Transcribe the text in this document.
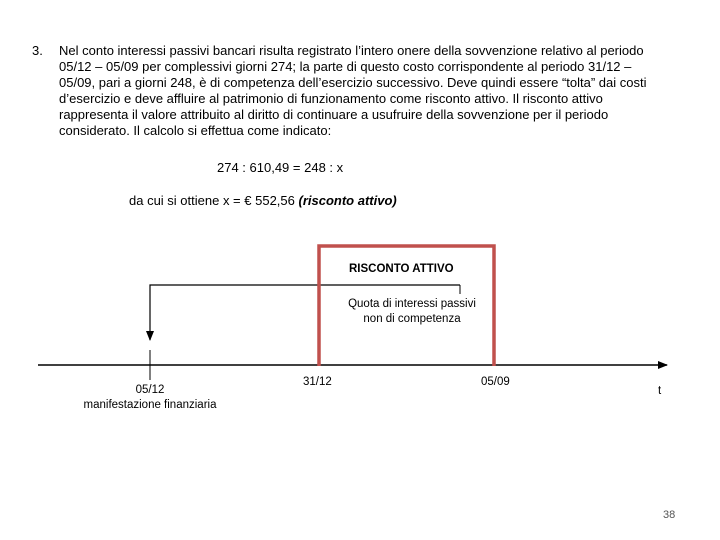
3. Nel conto interessi passivi bancari risulta registrato l’intero onere della sovvenzione relativo al periodo

05/12 – 05/09 per complessivi giorni 274; la parte di questo costo corrispondente al periodo 31/12 –

05/09, pari a giorni 248, è di competenza dell’esercizio successivo. Deve quindi essere “tolta” dai costi

d’esercizio e deve affluire al patrimonio di funzionamento come risconto attivo. Il risconto attivo

rappresenta il valore attribuito al diritto di continuare a usufruire della sovvenzione per il periodo

considerato. Il calcolo si effettua come indicato:

274 : 610,49 = 248 : x
da cui si ottiene x = € 552,56 (risconto attivo)
RISCONTO ATTIVO
Quota di interessi passivi
non di competenza
05/12
manifestazione finanziaria
31/12	05/09
t
38
